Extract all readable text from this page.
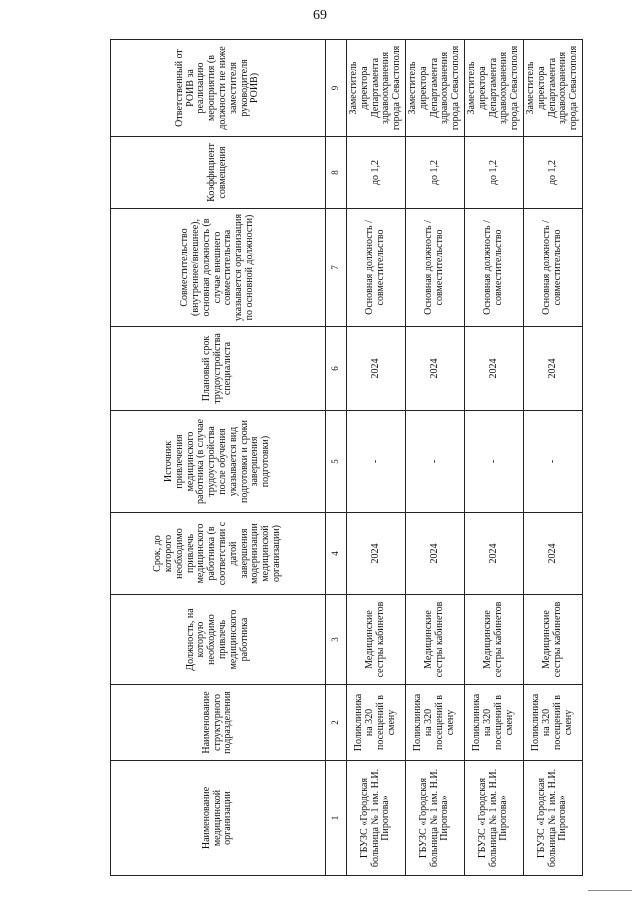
69
Наименование медицинской организации	Наименование структурного подразделения	Должность, на которую необходимо привлечь медицинского работника	Срок, до которого необходимо привлечь медицинского работника (в соответствии с датой завершения модернизации медицинской организации)	Источник привлечения медицинского работника (в случае трудоустройства после обучения указывается вид подготовки и сроки завершения подготовки)	Плановый срок трудоустройства специалиста	Совместительство (внутреннее/внешнее), основная должность (в случае внешнего совместительства указывается организация по основной должности)	Коэффициент совмещения	Ответственный от РОИВ за реализацию мероприятия (в должности не ниже заместителя руководителя РОИВ)
1	2	3	4	5	6	7	8	9
ГБУЗС «Городская больница № 1 им. Н.И. Пирогова»	Поликлиника на 320 посещений в смену	Медицинские сестры кабинетов	2024	-	2024	Основная должность / совместительство	до 1,2	Заместитель директора Департамента здравоохранения города Севастополя
ГБУЗС «Городская больница № 1 им. Н.И. Пирогова»	Поликлиника на 320 посещений в смену	Медицинские сестры кабинетов	2024	-	2024	Основная должность / совместительство	до 1,2	Заместитель директора Департамента здравоохранения города Севастополя
ГБУЗС «Городская больница № 1 им. Н.И. Пирогова»	Поликлиника на 320 посещений в смену	Медицинские сестры кабинетов	2024	-	2024	Основная должность / совместительство	до 1,2	Заместитель директора Департамента здравоохранения города Севастополя
ГБУЗС «Городская больница № 1 им. Н.И. Пирогова»	Поликлиника на 320 посещений в смену	Медицинские сестры кабинетов	2024	-	2024	Основная должность / совместительство	до 1,2	Заместитель директора Департамента здравоохранения города Севастополя
